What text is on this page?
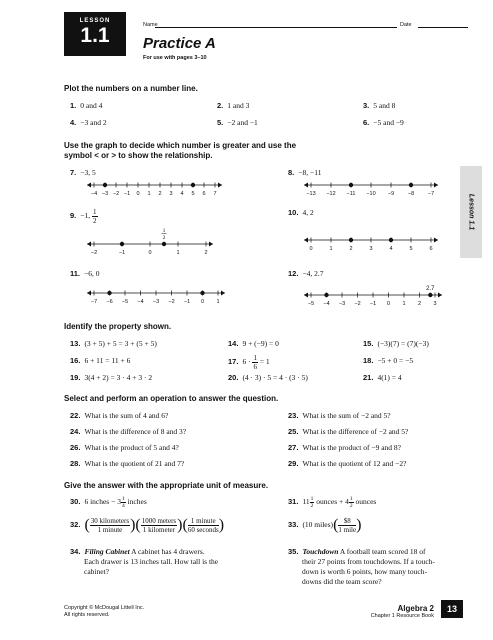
LESSON
1.1	Name	Date
Practice A
For use with pages 3–10
Lesson 1.1
Plot the numbers on a number line.
1. 0 and 4	2. 1 and 3	3. 5 and 8
4. −3 and 2	5. −2 and −1	6. −5 and −9
Use the graph to decide which number is greater and use the
symbol < or > to show the relationship.
7. −3, 5	8. −8, −11
−4 −3 −2 −1 0 1 2 3 4 5 6 7	−13 −12 −11 −10 −9 −8 −7
9. −1, $\frac{1}{2}$	10. 4, 2
−2	−1	0	1	2
1
2
0	1	2	3	4	5	6
11. −6, 0	12. −4, 2.7
−7 −6 −5 −4 −3 −2 −1 0 1	−5 −4 −3 −2 −1 0 1 2 3
2.7
Identify the property shown.
13. (3 + 5) + 5 = 3 + (5 + 5)	14. 9 + (−9) = 0	15. (−3)(7) = (7)(−3)
16. 6 + 11 = 11 + 6	17. $6 \cdot \frac{1}{6} = 1$	18. −5 + 0 = −5
19. 3(4 + 2) = 3 · 4 + 3 · 2	20. (4 · 3) · 5 = 4 · (3 · 5)	21. 4(1) = 4
Select and perform an operation to answer the question.
22. What is the sum of 4 and 6?	23. What is the sum of −2 and 5?
24. What is the difference of 8 and 3?	25. What is the difference of −2 and 5?
26. What is the product of 5 and 4?	27. What is the product of −9 and 8?
28. What is the quotient of 21 and 7?	29. What is the quotient of 12 and −2?
Give the answer with the appropriate unit of measure.
30. 6 inches − $3 \frac{1}{4}$ inches	31. $11 \frac{1}{2}$ ounces + $4 \frac{1}{2}$ ounces
32. ( $\frac{\text{30 kilometers}}{\text{1 minute}}$ )( $\frac{\text{1000 meters}}{\text{1 kilometer}}$ )( $\frac{\text{1 minute}}{\text{60 seconds}}$ )	33. (10 miles)( $\frac{\$8}{\text{1 mile}}$ )
34. Filing Cabinet A cabinet has 4 drawers.
Each drawer is 13 inches tall. How tall is the
cabinet?
35. Touchdown A football team scored 18 of
their 27 points from touchdowns. If a touch-
down is worth 6 points, how many touch-
downs did the team score?
Copyright © McDougal Littell Inc.
All rights reserved.
Algebra 2
Chapter 1 Resource Book
13
